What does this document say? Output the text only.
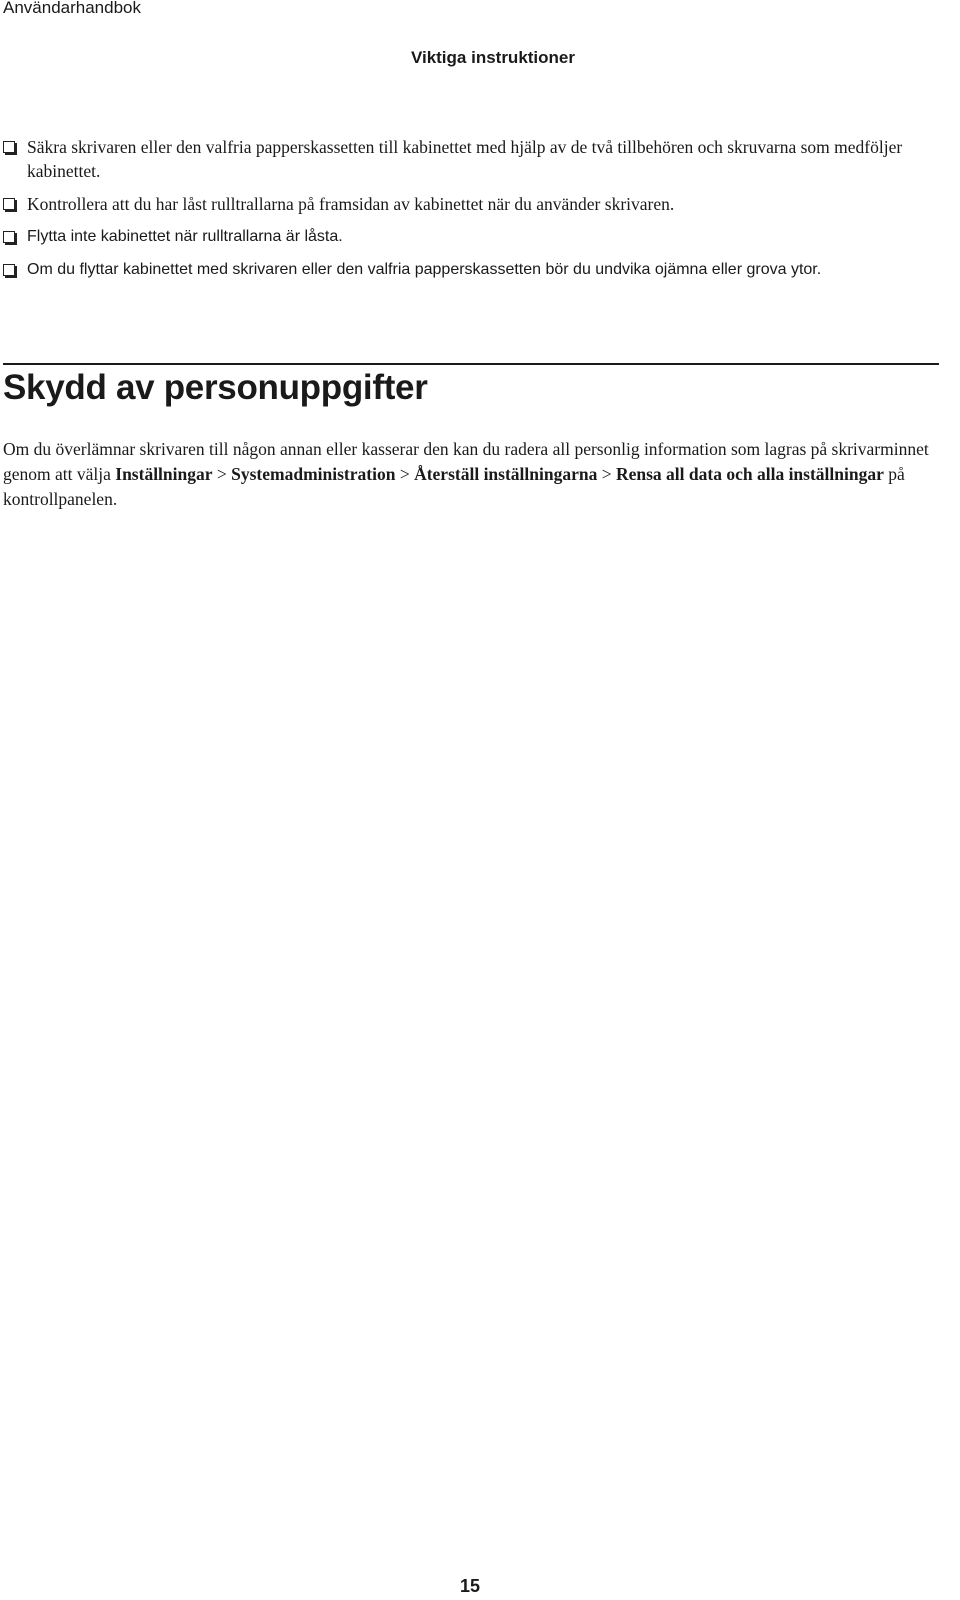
Användarhandbok
Viktiga instruktioner
Säkra skrivaren eller den valfria papperskassetten till kabinettet med hjälp av de två tillbehören och skruvarna som medföljer kabinettet.
Kontrollera att du har låst rulltrallarna på framsidan av kabinettet när du använder skrivaren.
Flytta inte kabinettet när rulltrallarna är låsta.
Om du flyttar kabinettet med skrivaren eller den valfria papperskassetten bör du undvika ojämna eller grova ytor.
Skydd av personuppgifter

Om du överlämnar skrivaren till någon annan eller kasserar den kan du radera all personlig information som lagras på skrivarminnet genom att välja Inställningar > Systemadministration > Återställ inställningarna > Rensa all data och alla inställningar på kontrollpanelen.

15
